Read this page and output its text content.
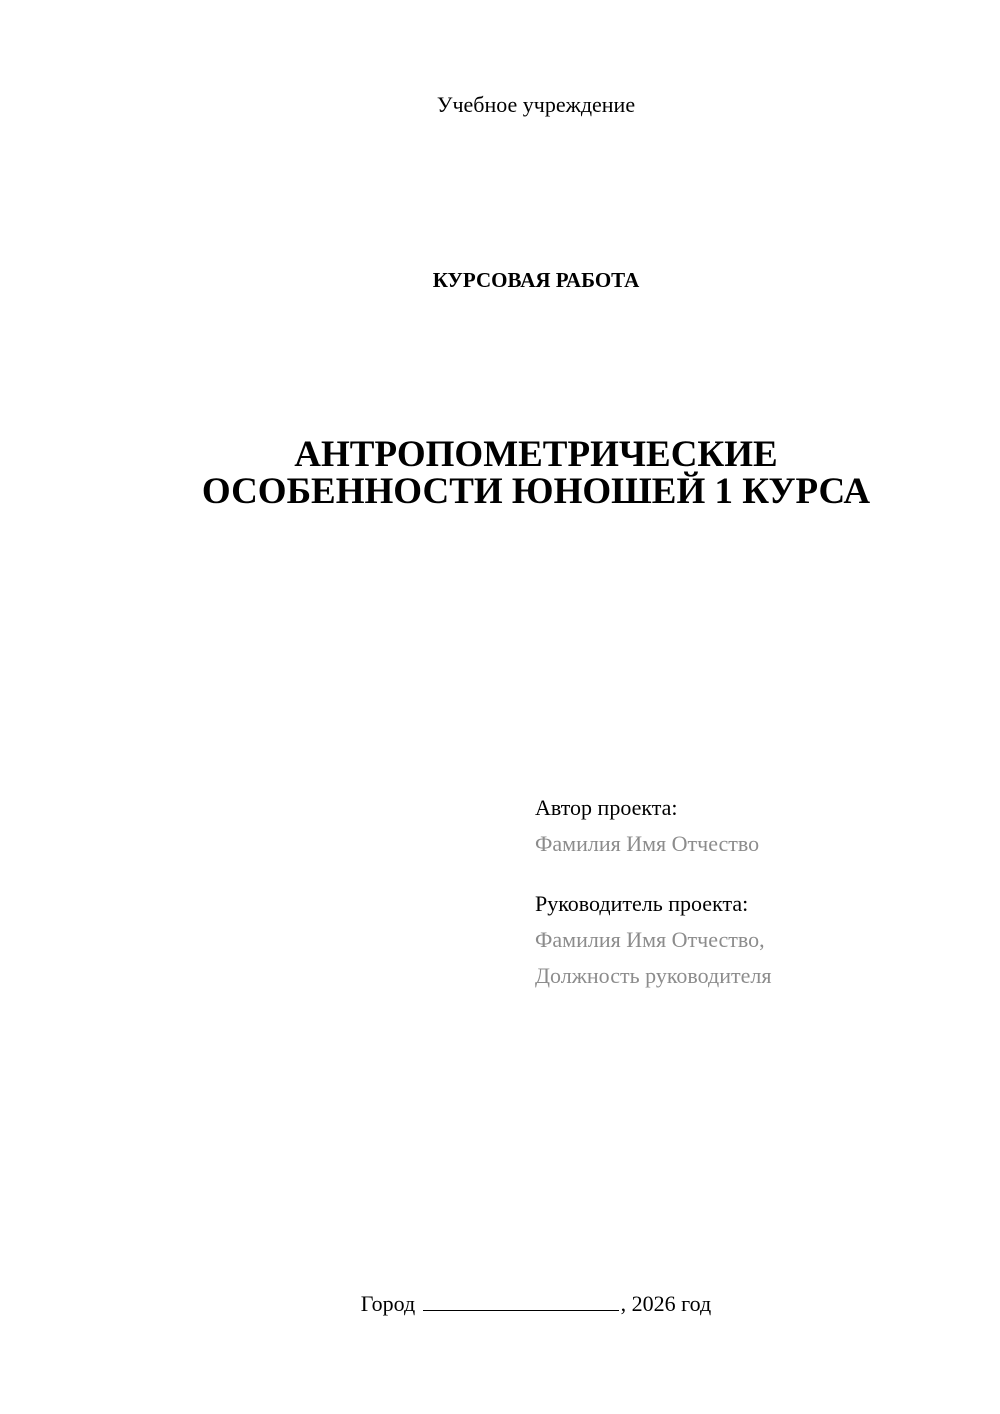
Учебное учреждение
КУРСОВАЯ РАБОТА
АНТРОПОМЕТРИЧЕСКИЕ
ОСОБЕННОСТИ ЮНОШЕЙ 1 КУРСА
Автор проекта:
Фамилия Имя Отчество
Руководитель проекта:
Фамилия Имя Отчество,
Должность руководителя
Город	, 2026 год
